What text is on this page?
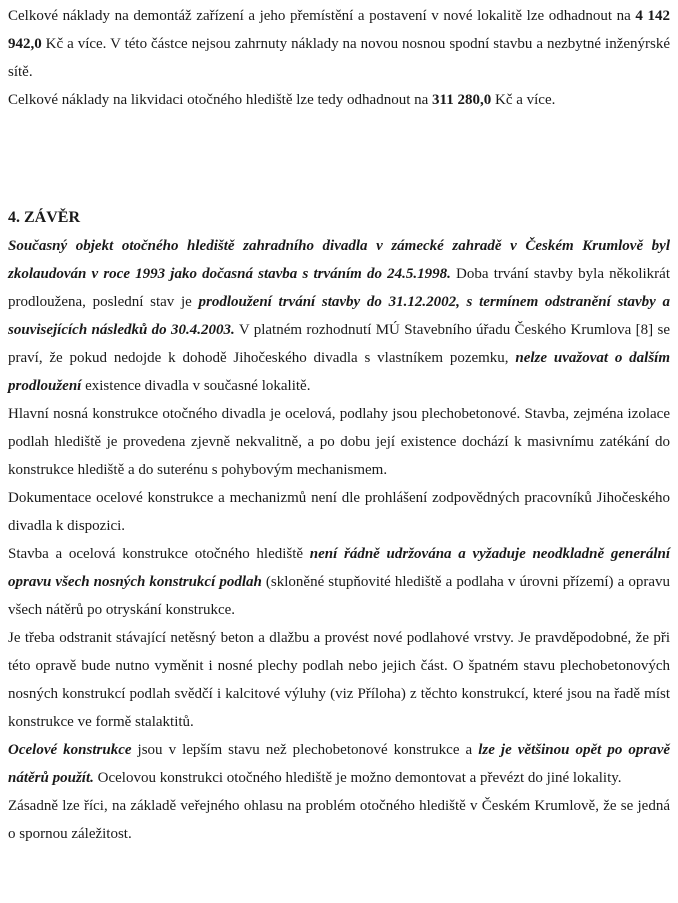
Celkové náklady na demontáž zařízení a jeho přemístění a postavení v nové lokalitě lze odhadnout na 4 142 942,0 Kč a více. V této částce nejsou zahrnuty náklady na novou nosnou spodní stavbu a nezbytné inženýrské sítě.

Celkové náklady na likvidaci otočného hlediště lze tedy odhadnout na 311 280,0 Kč a více.

4. ZÁVĚR

Současný objekt otočného hlediště zahradního divadla v zámecké zahradě v Českém Krumlově byl zkolaudován v roce 1993 jako dočasná stavba s trváním do 24.5.1998. Doba trvání stavby byla několikrát prodloužena, poslední stav je prodloužení trvání stavby do 31.12.2002, s termínem odstranění stavby a souvisejících následků do 30.4.2003. V platném rozhodnutí MÚ Stavebního úřadu Českého Krumlova [8] se praví, že pokud nedojde k dohodě Jihočeského divadla s vlastníkem pozemku, nelze uvažovat o dalším prodloužení existence divadla v současné lokalitě.

Hlavní nosná konstrukce otočného divadla je ocelová, podlahy jsou plechobetonové. Stavba, zejména izolace podlah hlediště je provedena zjevně nekvalitně, a po dobu její existence dochází k masivnímu zatékání do konstrukce hlediště a do suterénu s pohybovým mechanismem.

Dokumentace ocelové konstrukce a mechanizmů není dle prohlášení zodpovědných pracovníků Jihočeského divadla k dispozici.

Stavba a ocelová konstrukce otočného hlediště není řádně udržována a vyžaduje neodkladně generální opravu všech nosných konstrukcí podlah (skloněné stupňovité hlediště a podlaha v úrovni přízemí) a opravu všech nátěrů po otryskání konstrukce.

Je třeba odstranit stávající netěsný beton a dlažbu a provést nové podlahové vrstvy. Je pravděpodobné, že při této opravě bude nutno vyměnit i nosné plechy podlah nebo jejich část. O špatném stavu plechobetonových nosných konstrukcí podlah svědčí i kalcitové výluhy (viz Příloha) z těchto konstrukcí, které jsou na řadě míst konstrukce ve formě stalaktitů.

Ocelové konstrukce jsou v lepším stavu než plechobetonové konstrukce a lze je většinou opět po opravě nátěrů použít. Ocelovou konstrukci otočného hlediště je možno demontovat a převézt do jiné lokality.

Zásadně lze říci, na základě veřejného ohlasu na problém otočného hlediště v Českém Krumlově, že se jedná o spornou záležitost.
